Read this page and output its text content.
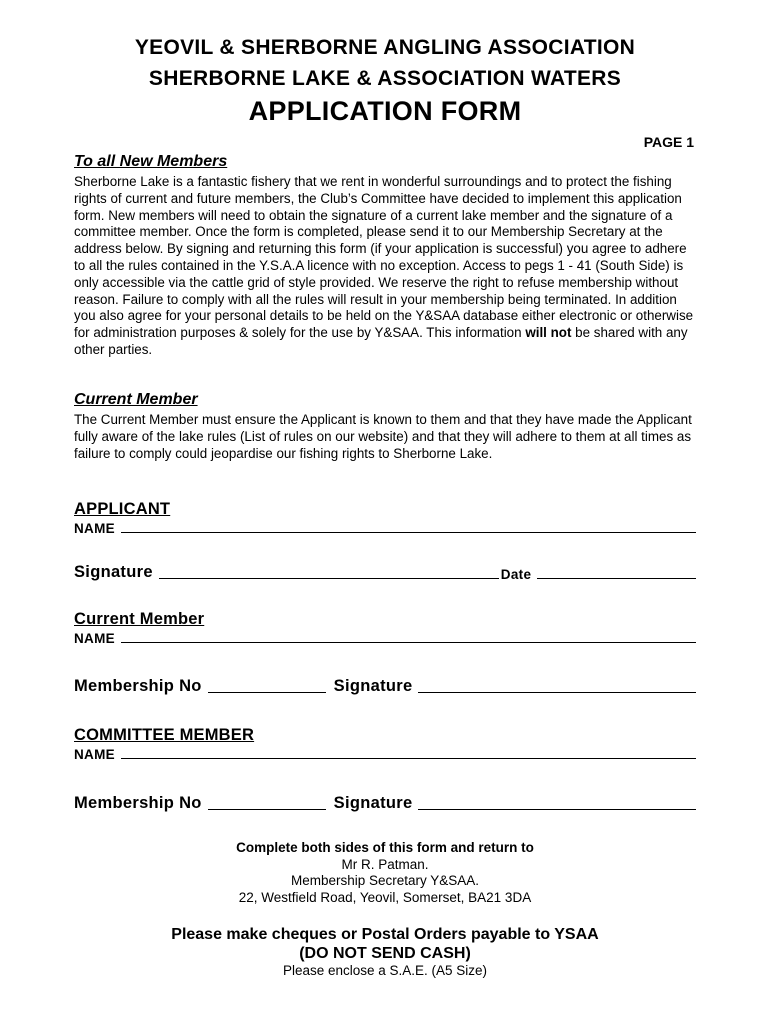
YEOVIL & SHERBORNE ANGLING ASSOCIATION
SHERBORNE LAKE & ASSOCIATION WATERS
APPLICATION FORM
PAGE 1
To all New Members
Sherborne Lake is a fantastic fishery that we rent in wonderful surroundings and to protect the fishing rights of current and future members, the Club’s Committee have decided to implement this application form. New members will need to obtain the signature of a current lake member and the signature of a committee member. Once the form is completed, please send it to our Membership Secretary at the address below. By signing and returning this form (if your application is successful) you agree to adhere to all the rules contained in the Y.S.A.A licence with no exception. Access to pegs 1 - 41 (South Side) is only accessible via the cattle grid of style provided. We reserve the right to refuse membership without reason. Failure to comply with all the rules will result in your membership being terminated. In addition you also agree for your personal details to be held on the Y&SAA database either electronic or otherwise for administration purposes & solely for the use by Y&SAA. This information will not be shared with any other parties.
Current Member
The Current Member must ensure the Applicant is known to them and that they have made the Applicant fully aware of the lake rules (List of rules on our website) and that they will adhere to them at all times as failure to comply could jeopardise our fishing rights to Sherborne Lake.
APPLICANT
NAME
Signature	Date
Current Member
NAME
Membership No	Signature
COMMITTEE MEMBER
NAME
Membership No	Signature
Complete both sides of this form and return to
Mr R. Patman.
Membership Secretary Y&SAA.
22, Westfield Road, Yeovil, Somerset, BA21 3DA
Please make cheques or Postal Orders payable to YSAA
(DO NOT SEND CASH)
Please enclose a S.A.E. (A5 Size)
